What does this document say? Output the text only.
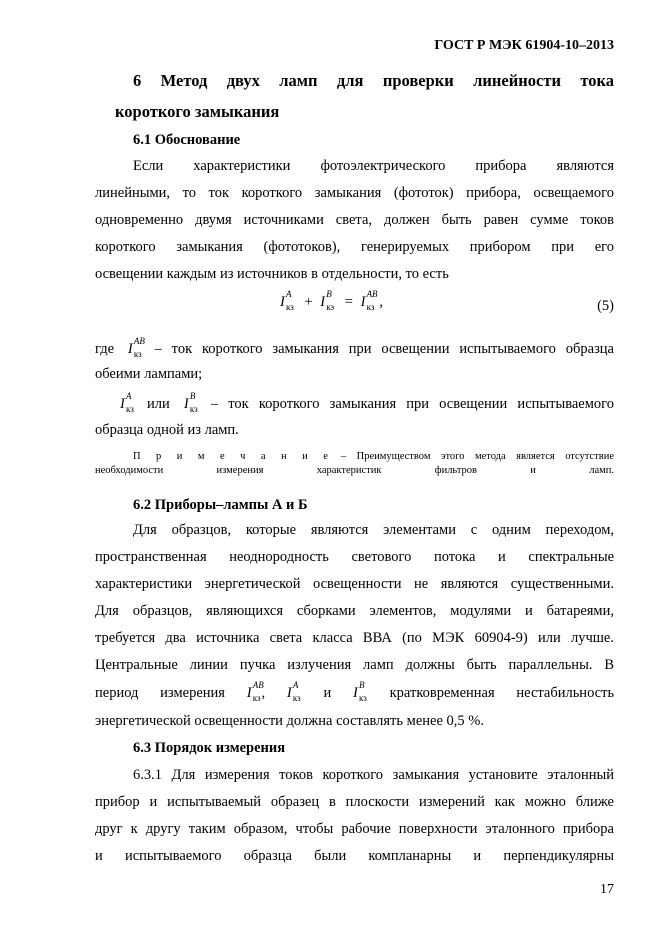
ГОСТ Р МЭК 61904-10–2013
6 Метод двух ламп для проверки линейности тока
короткого замыкания
6.1 Обоснование
Если характеристики фотоэлектрического прибора являются
линейными, то ток короткого замыкания (фототок) прибора, освещаемого
одновременно двумя источниками света, должен быть равен сумме токов
короткого замыкания (фототоков), генерируемых прибором при его
освещении каждым из источников в отдельности, то есть
I A
кз + I B
кз = I AB
кз ,	(5)
где I AB
кз – ток короткого замыкания при освещении испытываемого образца
обеими лампами;
I A
кз или I B
кз – ток короткого замыкания при освещении испытываемого
образца одной из ламп.
П р и м е ч а н и е – Преимуществом этого метода является отсутствие
необходимости измерения характеристик фильтров и ламп.
6.2 Приборы–лампы А и Б
Для образцов, которые являются элементами с одним переходом,
пространственная неоднородность светового потока и спектральные
характеристики энергетической освещенности не являются существенными.
Для образцов, являющихся сборками элементов, модулями и батареями,
требуется два источника света класса ВВА (по МЭК 60904-9) или лучше.
Центральные линии пучка излучения ламп должны быть параллельны. В
период измерения I AB
кз , I A
кз и I B
кз кратковременная нестабильность
энергетической освещенности должна составлять менее 0,5 %.
6.3 Порядок измерения
6.3.1 Для измерения токов короткого замыкания установите эталонный
прибор и испытываемый образец в плоскости измерений как можно ближе
друг к другу таким образом, чтобы рабочие поверхности эталонного прибора
и испытываемого образца были компланарны и перпендикулярны
17
